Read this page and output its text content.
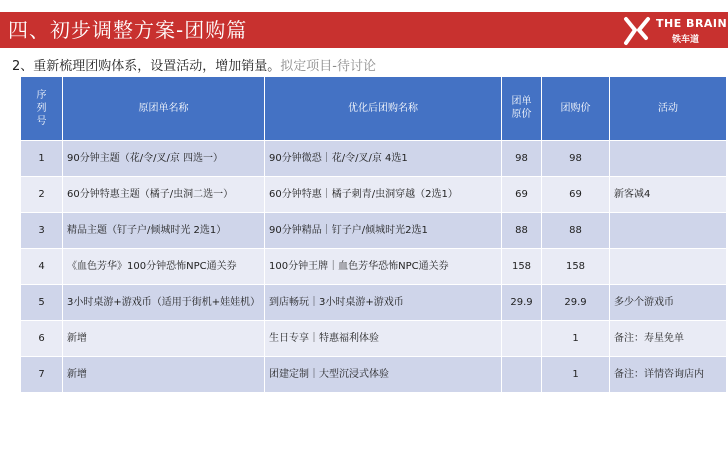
四、初步调整方案-团购篇	THE BRAIN
铁车道
2、重新梳理团购体系，设置活动，增加销量。拟定项目-待讨论
序列号	原团单名称	优化后团购名称	团单原价	团购价	活动
1	90分钟主题（花/令/叉/京 四选一）	90分钟微恐｜花/令/叉/京 4选1	98	98	
2	60分钟特惠主题（橘子/虫洞二选一）	60分钟特惠｜橘子刺青/虫洞穿越（2选1）	69	69	新客减4
3	精品主题（钉子户/倾城时光 2选1）	90分钟精品｜钉子户/倾城时光2选1	88	88	
4	《血色芳华》100分钟恐怖NPC通关券	100分钟王牌｜血色芳华恐怖NPC通关券	158	158	
5	3小时桌游+游戏币（适用于街机+娃娃机）	到店畅玩｜3小时桌游+游戏币	29.9	29.9	多少个游戏币
6	新增	生日专享｜特惠福利体验		1	备注：寿星免单
7	新增	团建定制｜大型沉浸式体验		1	备注：详情咨询店内
